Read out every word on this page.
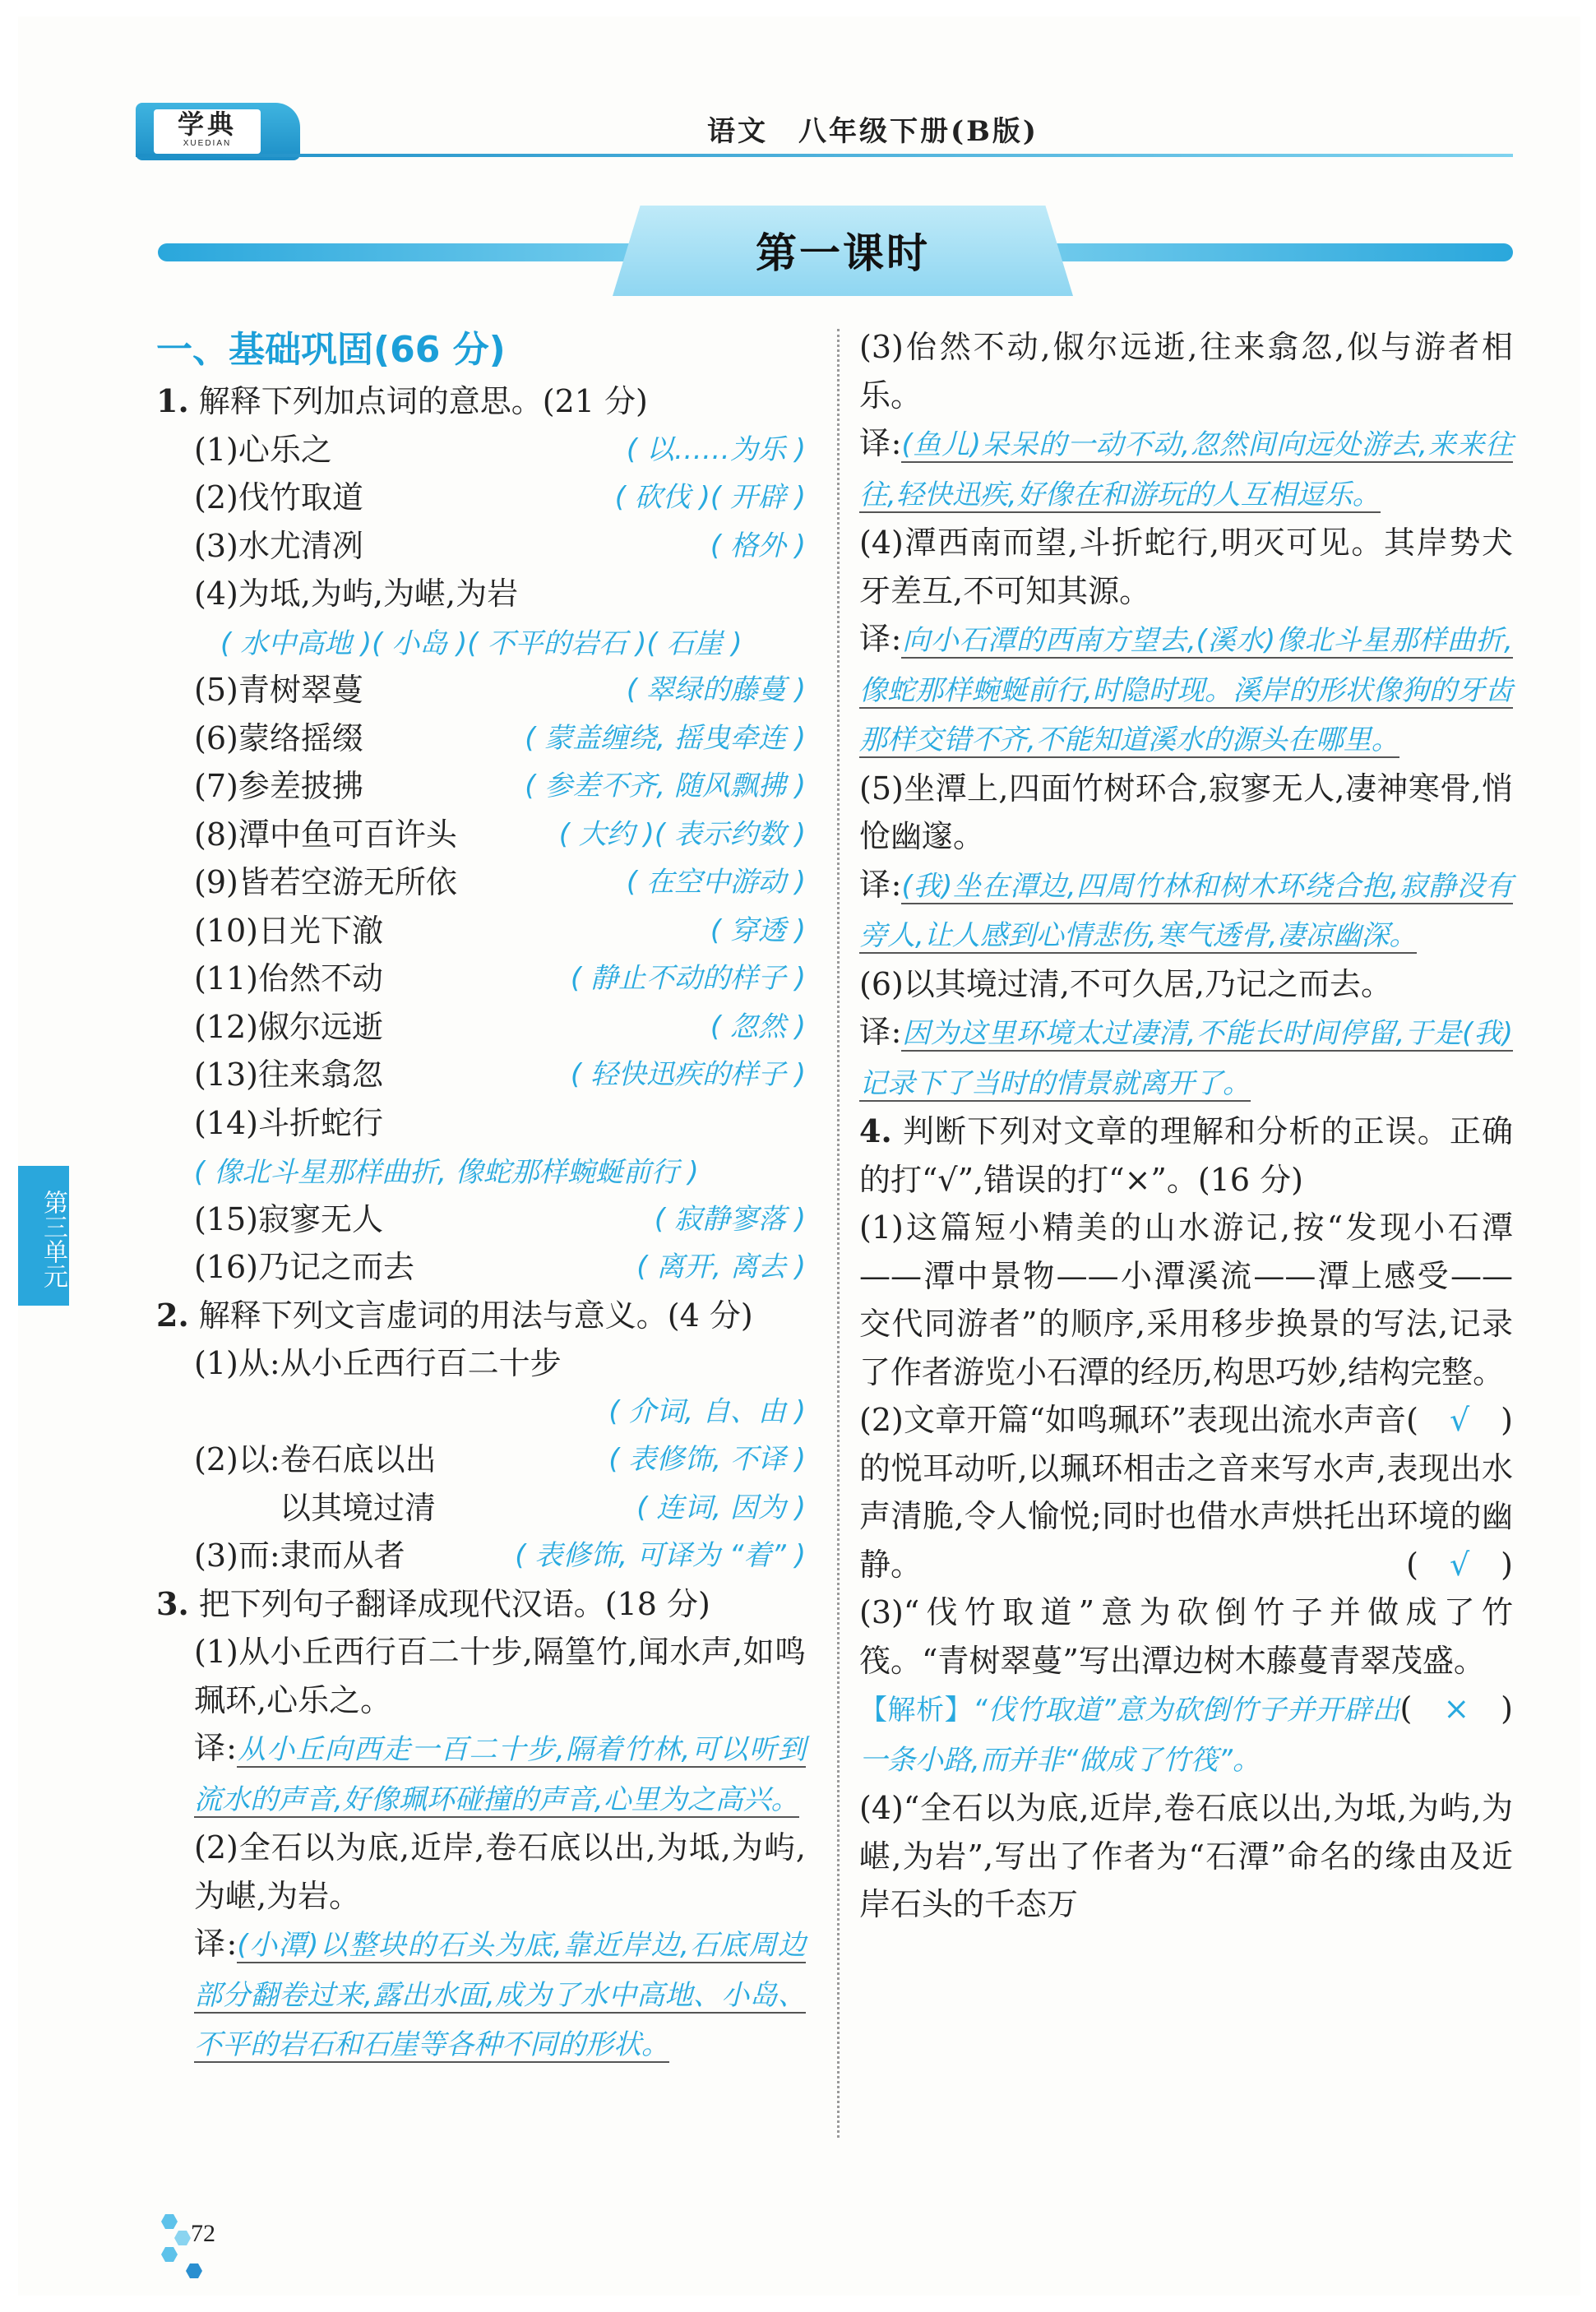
学典
XUEDIAN	语文　八年级下册(B版)
第一课时
一、基础巩固(66 分)
1. 解释下列加点词的意思。(21 分)
(1)心乐之	( 以……为乐 )
(2)伐竹取道	( 砍伐 )( 开辟 )
(3)水尤清冽	( 格外 )
(4)为坻,为屿,为嵁,为岩
( 水中高地 )( 小岛 )( 不平的岩石 )( 石崖 )
(5)青树翠蔓	( 翠绿的藤蔓 )
(6)蒙络摇缀	( 蒙盖缠绕, 摇曳牵连 )
(7)参差披拂	( 参差不齐, 随风飘拂 )
(8)潭中鱼可百许头	( 大约 )( 表示约数 )
(9)皆若空游无所依	( 在空中游动 )
(10)日光下澈	( 穿透 )
(11)佁然不动	( 静止不动的样子 )
(12)俶尔远逝	( 忽然 )
(13)往来翕忽	( 轻快迅疾的样子 )
(14)斗折蛇行
( 像北斗星那样曲折, 像蛇那样蜿蜒前行 )
(15)寂寥无人	( 寂静寥落 )
(16)乃记之而去	( 离开, 离去 )
2. 解释下列文言虚词的用法与意义。(4 分)
(1)从:从小丘西行百二十步
( 介词, 自、由 )
(2)以:卷石底以出	( 表修饰, 不译 )
以其境过清	( 连词, 因为 )
(3)而:隶而从者	( 表修饰, 可译为 “着” )
3. 把下列句子翻译成现代汉语。(18 分)
(1)从小丘西行百二十步,隔篁竹,闻水声,如鸣珮环,心乐之。
译:从小丘向西走一百二十步,隔着竹林,可以听到流水的声音,好像珮环碰撞的声音,心里为之高兴。
(2)全石以为底,近岸,卷石底以出,为坻,为屿,为嵁,为岩。
译:(小潭)以整块的石头为底,靠近岸边,石底周边部分翻卷过来,露出水面,成为了水中高地、小岛、不平的岩石和石崖等各种不同的形状。
(3)佁然不动,俶尔远逝,往来翕忽,似与游者相乐。
译:(鱼儿)呆呆的一动不动,忽然间向远处游去,来来往往,轻快迅疾,好像在和游玩的人互相逗乐。
(4)潭西南而望,斗折蛇行,明灭可见。其岸势犬牙差互,不可知其源。
译:向小石潭的西南方望去,(溪水)像北斗星那样曲折,像蛇那样蜿蜒前行,时隐时现。溪岸的形状像狗的牙齿那样交错不齐,不能知道溪水的源头在哪里。
(5)坐潭上,四面竹树环合,寂寥无人,凄神寒骨,悄怆幽邃。
译:(我)坐在潭边,四周竹林和树木环绕合抱,寂静没有旁人,让人感到心情悲伤,寒气透骨,凄凉幽深。
(6)以其境过清,不可久居,乃记之而去。
译:因为这里环境太过凄清,不能长时间停留,于是(我)记录下了当时的情景就离开了。
4. 判断下列对文章的理解和分析的正误。正确的打“√”,错误的打“×”。(16 分)
(1)这篇短小精美的山水游记,按“发现小石潭——潭中景物——小潭溪流——潭上感受——交代同游者”的顺序,采用移步换景的写法,记录了作者游览小石潭的经历,构思巧妙,结构完整。
(　√　)
(2)文章开篇“如鸣珮环”表现出流水声音的悦耳动听,以珮环相击之音来写水声,表现出水声清脆,令人愉悦;同时也借水声烘托出环境的幽静。	(　√　)
(3)“伐竹取道”意为砍倒竹子并做成了竹筏。“青树翠蔓”写出潭边树木藤蔓青翠茂盛。
(　×　)
【解析】“伐竹取道”意为砍倒竹子并开辟出一条小路,而并非“做成了竹筏”。
(4)“全石以为底,近岸,卷石底以出,为坻,为屿,为嵁,为岩”,写出了作者为“石潭”命名的缘由及近岸石头的千态万
第三单元
72
